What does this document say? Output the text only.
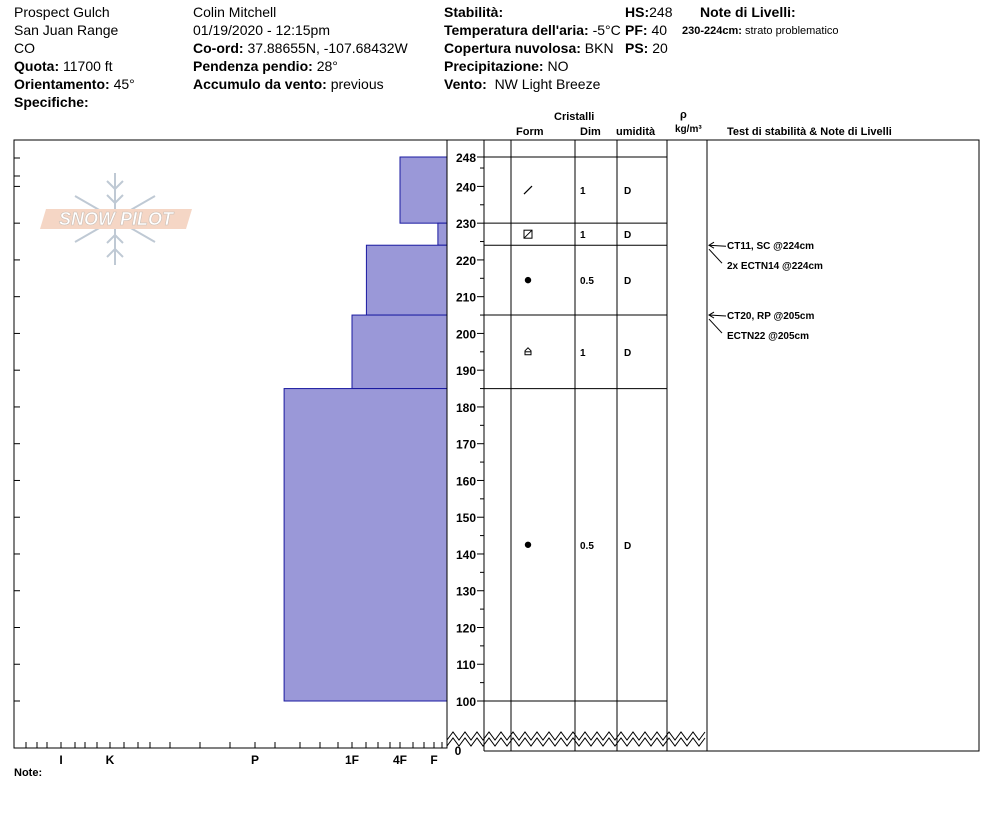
Prospect Gulch
San Juan Range
CO
Quota: 11700 ft
Orientamento: 45°
Specifiche:
Colin Mitchell
01/19/2020 - 12:15pm
Co-ord: 37.88655N, -107.68432W
Pendenza pendio: 28°
Accumulo da vento: previous
Stabilità:
Temperatura dell'aria: -5°C
Copertura nuvolosa: BKN
Precipitazione: NO
Vento: NW Light Breeze
HS:248
PF: 40
PS: 20
Note di Livelli:
230-224cm: strato problematico
Cristalli
Form	Dim umidità
ρ
kg/m³ Test di stabilità & Note di Livelli
Note:
SNOW PILOT
I	K	P	1F	4F F
248
240
230
220
210
200
190
180
170
160
150
140
130
120
110
100
0
1	D
1	D
0.5	D
1	D
0.5	D
CT11, SC @224cm
2x ECTN14 @224cm
CT20, RP @205cm
ECTN22 @205cm
